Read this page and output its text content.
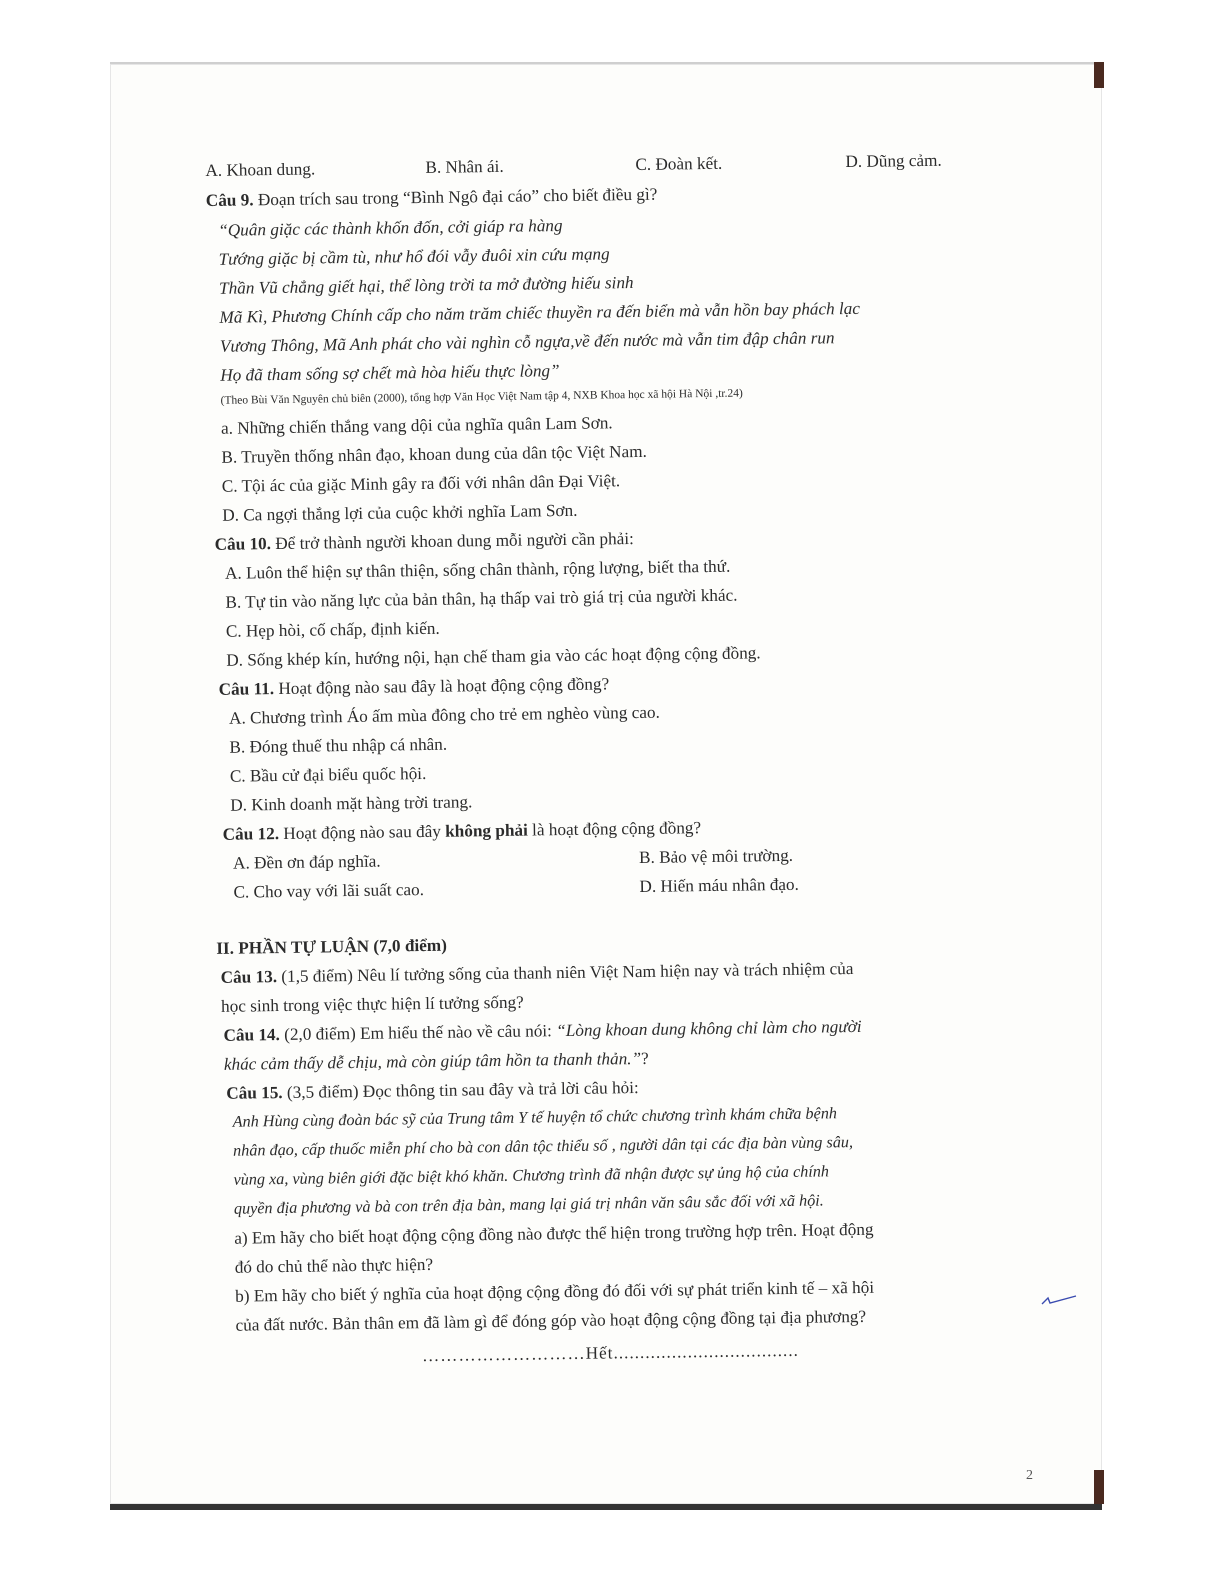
A. Khoan dung.	B. Nhân ái.	C. Đoàn kết.	D. Dũng cảm.
Câu 9. Đoạn trích sau trong “Bình Ngô đại cáo” cho biết điều gì?
“Quân giặc các thành khốn đốn, cởi giáp ra hàng
Tướng giặc bị cầm tù, như hổ đói vẫy đuôi xin cứu mạng
Thần Vũ chẳng giết hại, thể lòng trời ta mở đường hiếu sinh
Mã Kì, Phương Chính cấp cho năm trăm chiếc thuyền ra đến biển mà vẫn hồn bay phách lạc
Vương Thông, Mã Anh phát cho vài nghìn cỗ ngựa,về đến nước mà vẫn tim đập chân run
Họ đã tham sống sợ chết mà hòa hiếu thực lòng”
(Theo Bùi Văn Nguyên chủ biên (2000), tổng hợp Văn Học Việt Nam tập 4, NXB Khoa học xã hội Hà Nội ,tr.24)
a. Những chiến thắng vang dội của nghĩa quân Lam Sơn.
B. Truyền thống nhân đạo, khoan dung của dân tộc Việt Nam.
C. Tội ác của giặc Minh gây ra đối với nhân dân Đại Việt.
D. Ca ngợi thắng lợi của cuộc khởi nghĩa Lam Sơn.
Câu 10. Để trở thành người khoan dung mỗi người cần phải:
A. Luôn thể hiện sự thân thiện, sống chân thành, rộng lượng, biết tha thứ.
B. Tự tin vào năng lực của bản thân, hạ thấp vai trò giá trị của người khác.
C. Hẹp hòi, cố chấp, định kiến.
D. Sống khép kín, hướng nội, hạn chế tham gia vào các hoạt động cộng đồng.
Câu 11. Hoạt động nào sau đây là hoạt động cộng đồng?
A. Chương trình Áo ấm mùa đông cho trẻ em nghèo vùng cao.
B. Đóng thuế thu nhập cá nhân.
C. Bầu cử đại biểu quốc hội.
D. Kinh doanh mặt hàng trời trang.
Câu 12. Hoạt động nào sau đây không phải là hoạt động cộng đồng?
A. Đền ơn đáp nghĩa.	B. Bảo vệ môi trường.
C. Cho vay với lãi suất cao.	D. Hiến máu nhân đạo.
II. PHẦN TỰ LUẬN (7,0 điểm)
Câu 13. (1,5 điểm) Nêu lí tưởng sống của thanh niên Việt Nam hiện nay và trách nhiệm của
học sinh trong việc thực hiện lí tưởng sống?
Câu 14. (2,0 điểm) Em hiểu thế nào về câu nói: “Lòng khoan dung không chỉ làm cho người
khác cảm thấy dễ chịu, mà còn giúp tâm hồn ta thanh thản.”?
Câu 15. (3,5 điểm) Đọc thông tin sau đây và trả lời câu hỏi:
Anh Hùng cùng đoàn bác sỹ của Trung tâm Y tế huyện tổ chức chương trình khám chữa bệnh
nhân đạo, cấp thuốc miễn phí cho bà con dân tộc thiểu số , người dân tại các địa bàn vùng sâu,
vùng xa, vùng biên giới đặc biệt khó khăn. Chương trình đã nhận được sự ủng hộ của chính
quyền địa phương và bà con trên địa bàn, mang lại giá trị nhân văn sâu sắc đối với xã hội.
a) Em hãy cho biết hoạt động cộng đồng nào được thể hiện trong trường hợp trên. Hoạt động
đó do chủ thể nào thực hiện?
b) Em hãy cho biết ý nghĩa của hoạt động cộng đồng đó đối với sự phát triển kinh tế – xã hội
của đất nước. Bản thân em đã làm gì để đóng góp vào hoạt động cộng đồng tại địa phương?
………………………Hết...................................
2
